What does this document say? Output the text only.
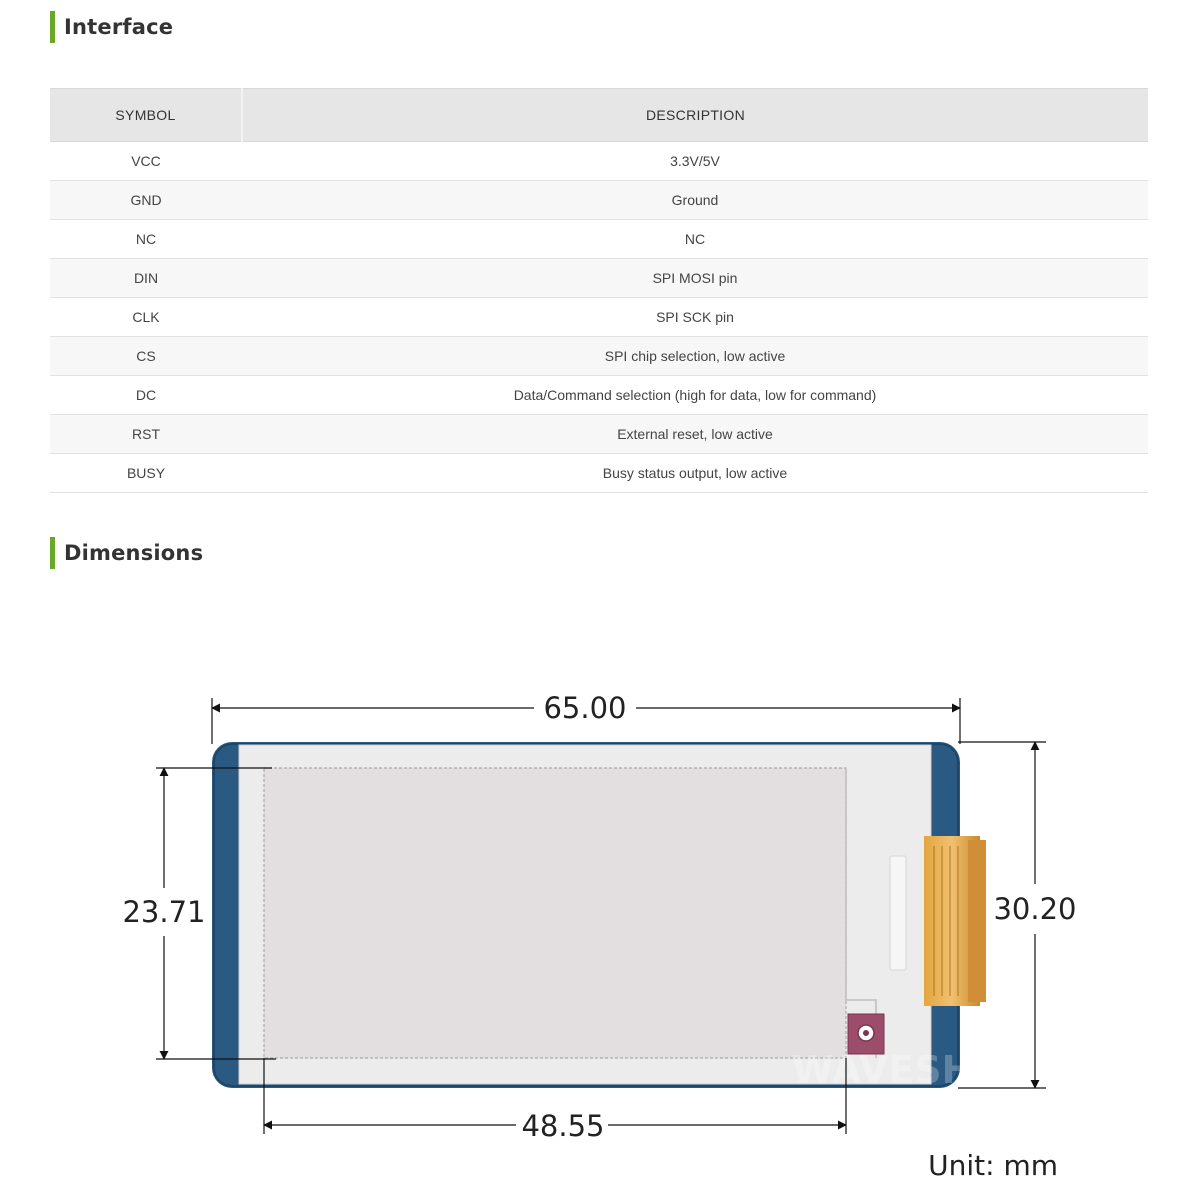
Interface
SYMBOL	DESCRIPTION
VCC	3.3V/5V
GND	Ground
NC	NC
DIN	SPI MOSI pin
CLK	SPI SCK pin
CS	SPI chip selection, low active
DC	Data/Command selection (high for data, low for command)
RST	External reset, low active
BUSY	Busy status output, low active
Dimensions
WAVESHARE
65.00
30.20
23.71
48.55
Unit: mm
